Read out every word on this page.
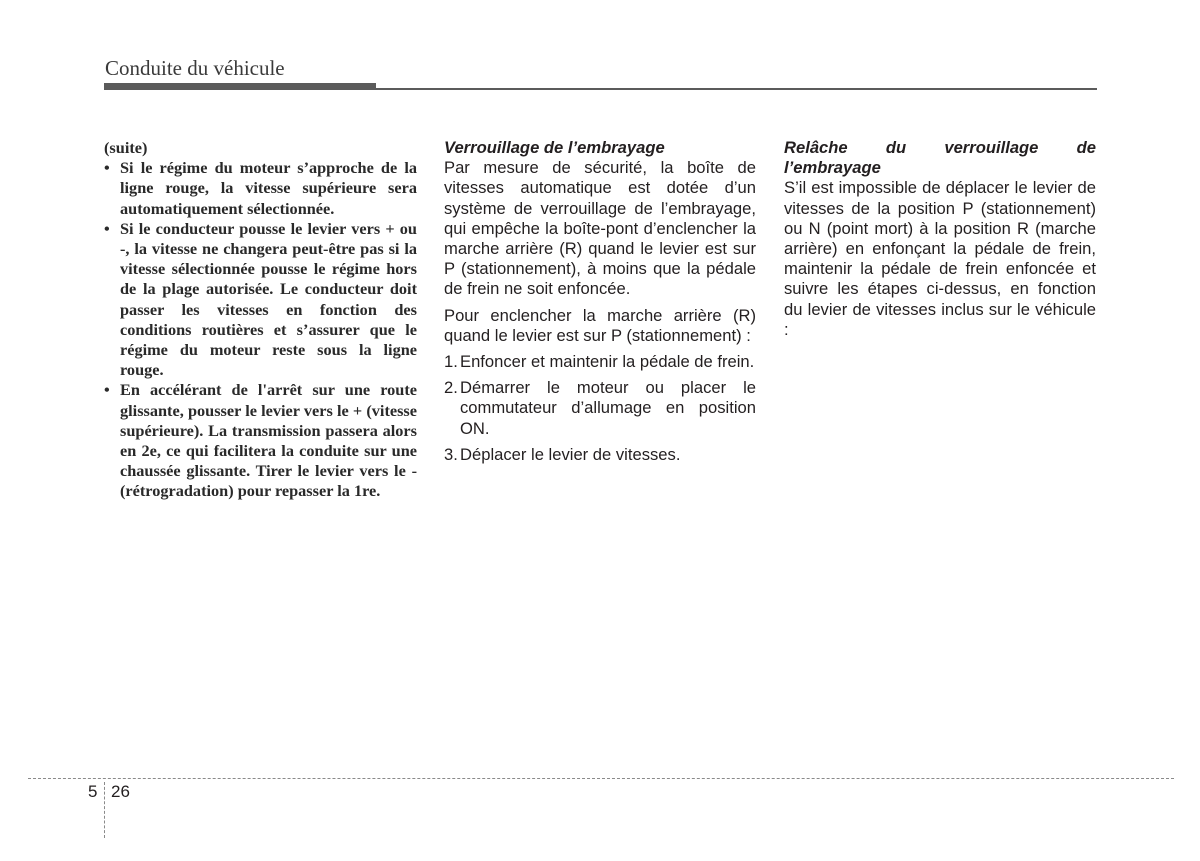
Conduite du véhicule

(suite)

• Si le régime du moteur s’approche de la ligne rouge, la vitesse supérieure sera automatiquement sélectionnée.
• Si le conducteur pousse le levier vers + ou -, la vitesse ne changera peut-être pas si la vitesse sélectionnée pousse le régime hors de la plage autorisée. Le conducteur doit passer les vitesses en fonction des conditions routières et s’assurer que le régime du moteur reste sous la ligne rouge.
• En accélérant de l'arrêt sur une route glissante, pousser le levier vers le + (vitesse supérieure). La transmission passera alors en 2e, ce qui facilitera la conduite sur une chaussée glissante. Tirer le levier vers le - (rétrogradation) pour repasser la 1re.
Verrouillage de l’embrayage

Par mesure de sécurité, la boîte de vitesses automatique est dotée d’un système de verrouillage de l’embrayage, qui empêche la boîte-pont d’enclencher la marche arrière (R) quand le levier est sur P (stationnement), à moins que la pédale de frein ne soit enfoncée.

Pour enclencher la marche arrière (R) quand le levier est sur P (stationnement) :

1. Enfoncer et maintenir la pédale de frein.
2. Démarrer le moteur ou placer le commutateur d’allumage en position ON.
3. Déplacer le levier de vitesses.
Relâche du verrouillage de l’embrayage

S’il est impossible de déplacer le levier de vitesses de la position P (stationnement) ou N (point mort) à la position R (marche arrière) en enfonçant la pédale de frein, maintenir la pédale de frein enfoncée et suivre les étapes ci-dessus, en fonction du levier de vitesses inclus sur le véhicule :

5 26
